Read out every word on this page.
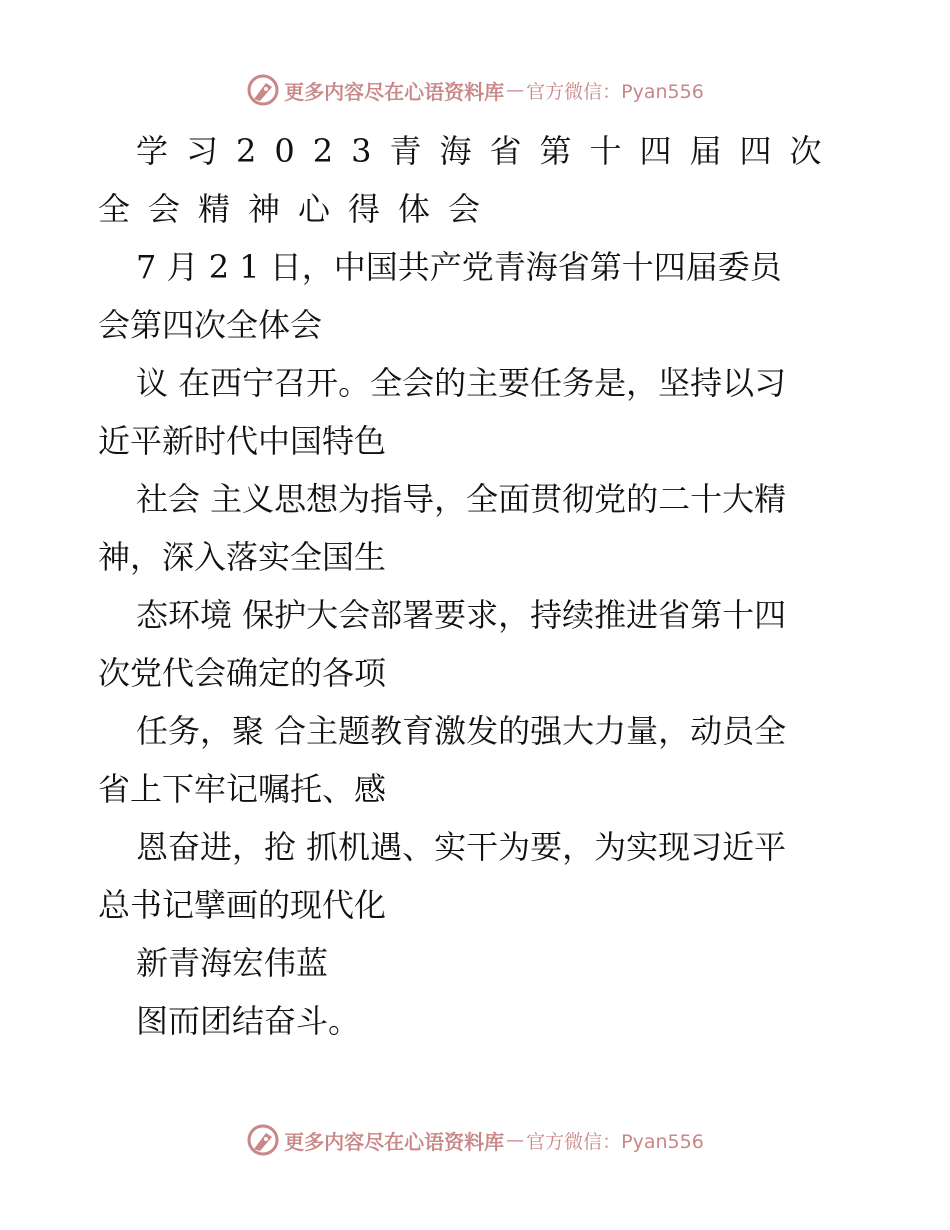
更多内容尽在心语资料库 — 官方微信：Pyan556
学习2023青海省第十四届四次
全会精神心得体会
7 月 2 1 日，中国共产党青海省第十四届委员
会第四次全体会
议 在西宁召开。全会的主要任务是，坚持以习
近平新时代中国特色
社会 主义思想为指导，全面贯彻党的二十大精
神，深入落实全国生
态环境 保护大会部署要求，持续推进省第十四
次党代会确定的各项
任务，聚 合主题教育激发的强大力量，动员全
省上下牢记嘱托、感
恩奋进，抢 抓机遇、实干为要，为实现习近平
总书记擘画的现代化
新青海宏伟蓝
图而团结奋斗。
更多内容尽在心语资料库 — 官方微信：Pyan556
